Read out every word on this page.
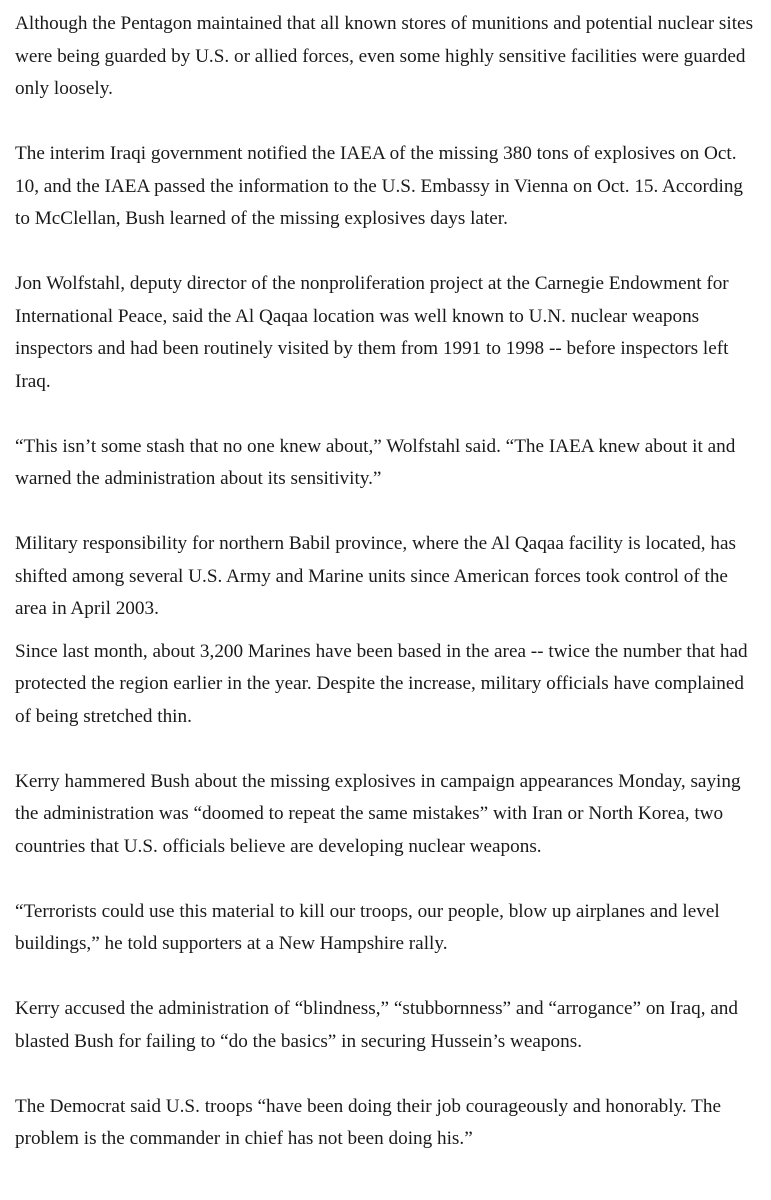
Although the Pentagon maintained that all known stores of munitions and potential nuclear sites were being guarded by U.S. or allied forces, even some highly sensitive facilities were guarded only loosely.

The interim Iraqi government notified the IAEA of the missing 380 tons of explosives on Oct. 10, and the IAEA passed the information to the U.S. Embassy in Vienna on Oct. 15. According to McClellan, Bush learned of the missing explosives days later.

Jon Wolfstahl, deputy director of the nonproliferation project at the Carnegie Endowment for International Peace, said the Al Qaqaa location was well known to U.N. nuclear weapons inspectors and had been routinely visited by them from 1991 to 1998 -- before inspectors left Iraq.

“This isn’t some stash that no one knew about,” Wolfstahl said. “The IAEA knew about it and warned the administration about its sensitivity.”

Military responsibility for northern Babil province, where the Al Qaqaa facility is located, has shifted among several U.S. Army and Marine units since American forces took control of the area in April 2003.

Since last month, about 3,200 Marines have been based in the area -- twice the number that had protected the region earlier in the year. Despite the increase, military officials have complained of being stretched thin.

Kerry hammered Bush about the missing explosives in campaign appearances Monday, saying the administration was “doomed to repeat the same mistakes” with Iran or North Korea, two countries that U.S. officials believe are developing nuclear weapons.

“Terrorists could use this material to kill our troops, our people, blow up airplanes and level buildings,” he told supporters at a New Hampshire rally.

Kerry accused the administration of “blindness,” “stubbornness” and “arrogance” on Iraq, and blasted Bush for failing to “do the basics” in securing Hussein’s weapons.

The Democrat said U.S. troops “have been doing their job courageously and honorably. The problem is the commander in chief has not been doing his.”
